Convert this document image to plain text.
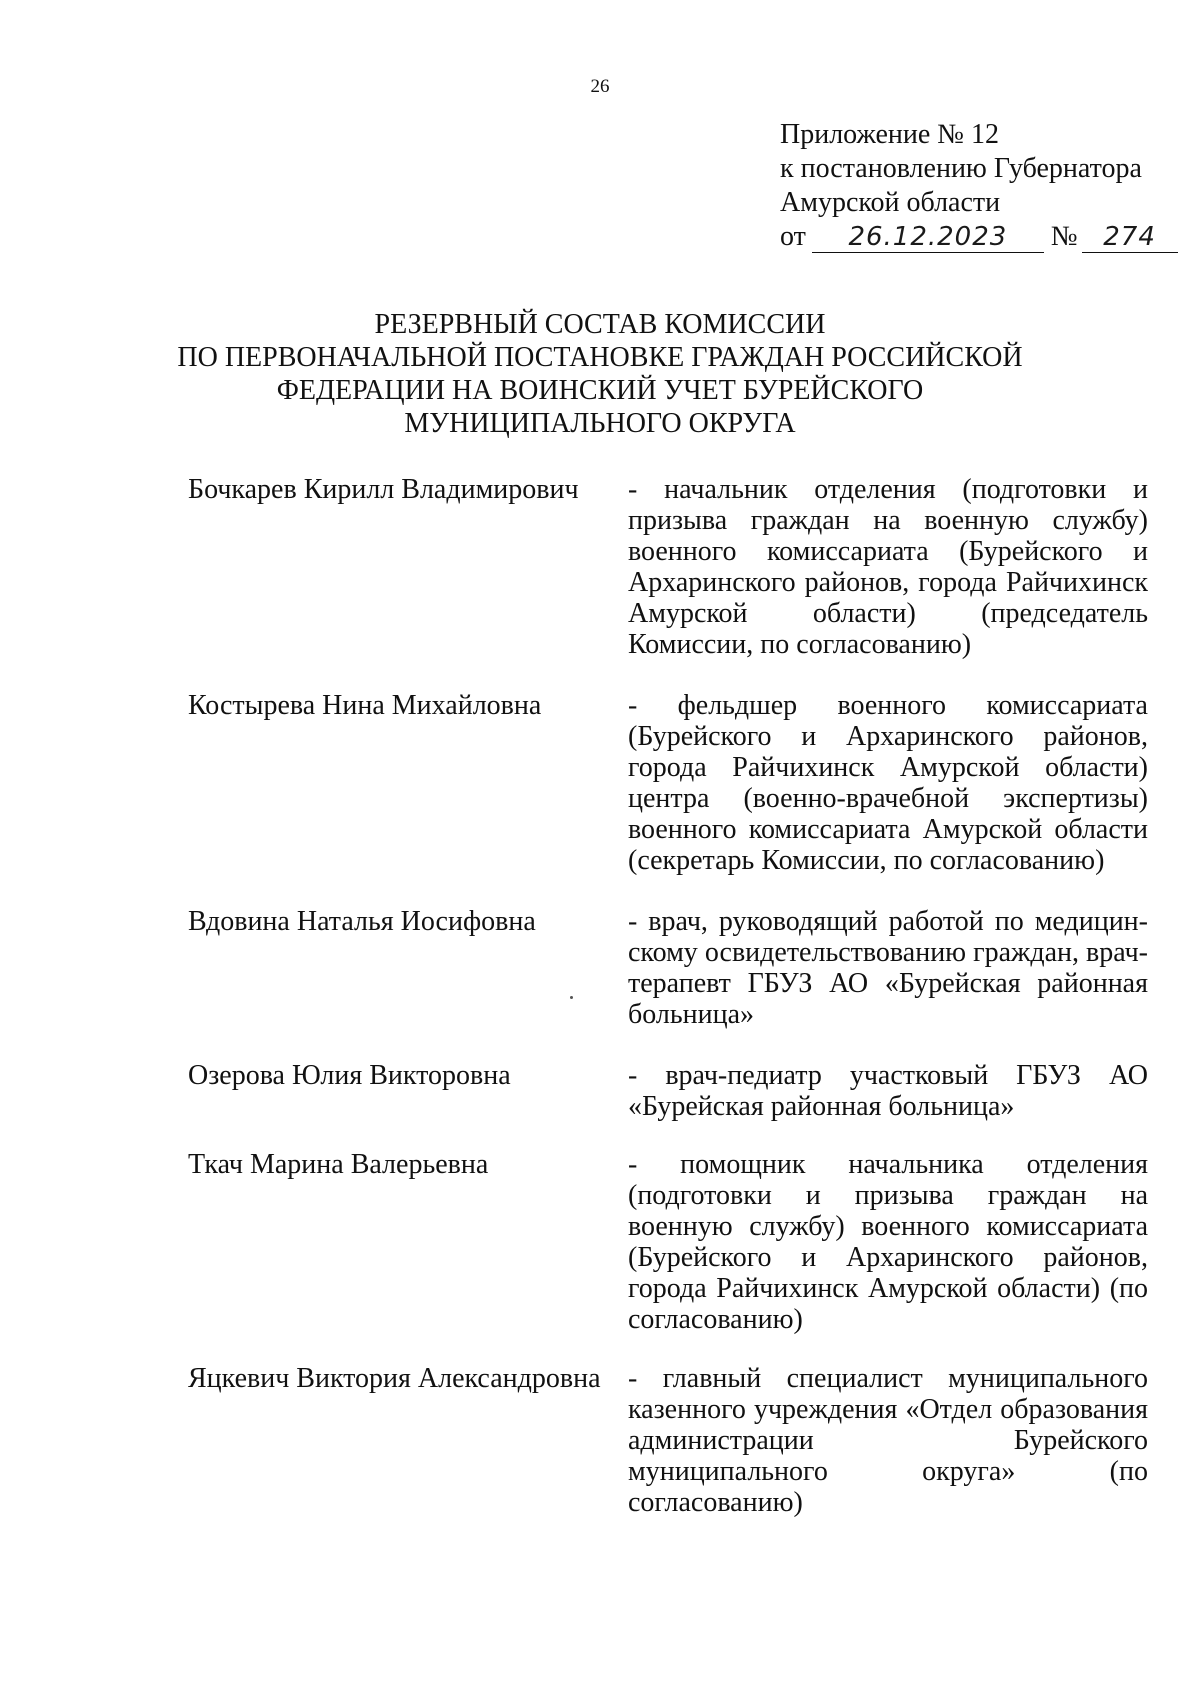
26
Приложение № 12
к постановлению Губернатора
Амурской области
от 26.12.2023 № 274
РЕЗЕРВНЫЙ СОСТАВ КОМИССИИ
ПО ПЕРВОНАЧАЛЬНОЙ ПОСТАНОВКЕ ГРАЖДАН РОССИЙСКОЙ
ФЕДЕРАЦИИ НА ВОИНСКИЙ УЧЕТ БУРЕЙСКОГО
МУНИЦИПАЛЬНОГО ОКРУГА
Бочкарев Кирилл Владимирович	- начальник отделения (подготовки и призыва граждан на военную службу) военного комиссариата (Бурейского и Архаринского районов, города Райчихинск Амурской области) (председатель Комиссии, по согласованию)
Костырева Нина Михайловна	- фельдшер военного комиссариата (Бурейского и Архаринского районов, города Райчихинск Амурской области) центра (военно-врачебной экспертизы) военного комиссариата Амурской области (секретарь Комиссии, по согласованию)
Вдовина Наталья Иосифовна	- врач, руководящий работой по медицин-скому освидетельствованию граждан, врач-терапевт ГБУЗ АО «Бурейская районная больница»
Озерова Юлия Викторовна	- врач-педиатр участковый ГБУЗ АО «Бурейская районная больница»
Ткач Марина Валерьевна	- помощник начальника отделения (подготовки и призыва граждан на военную службу) военного комиссариата (Бурейского и Архаринского районов, города Райчихинск Амурской области) (по согласованию)
Яцкевич Виктория Александровна - главный специалист муниципального казенного учреждения «Отдел образования администрации Бурейского муниципального округа» (по согласованию)
